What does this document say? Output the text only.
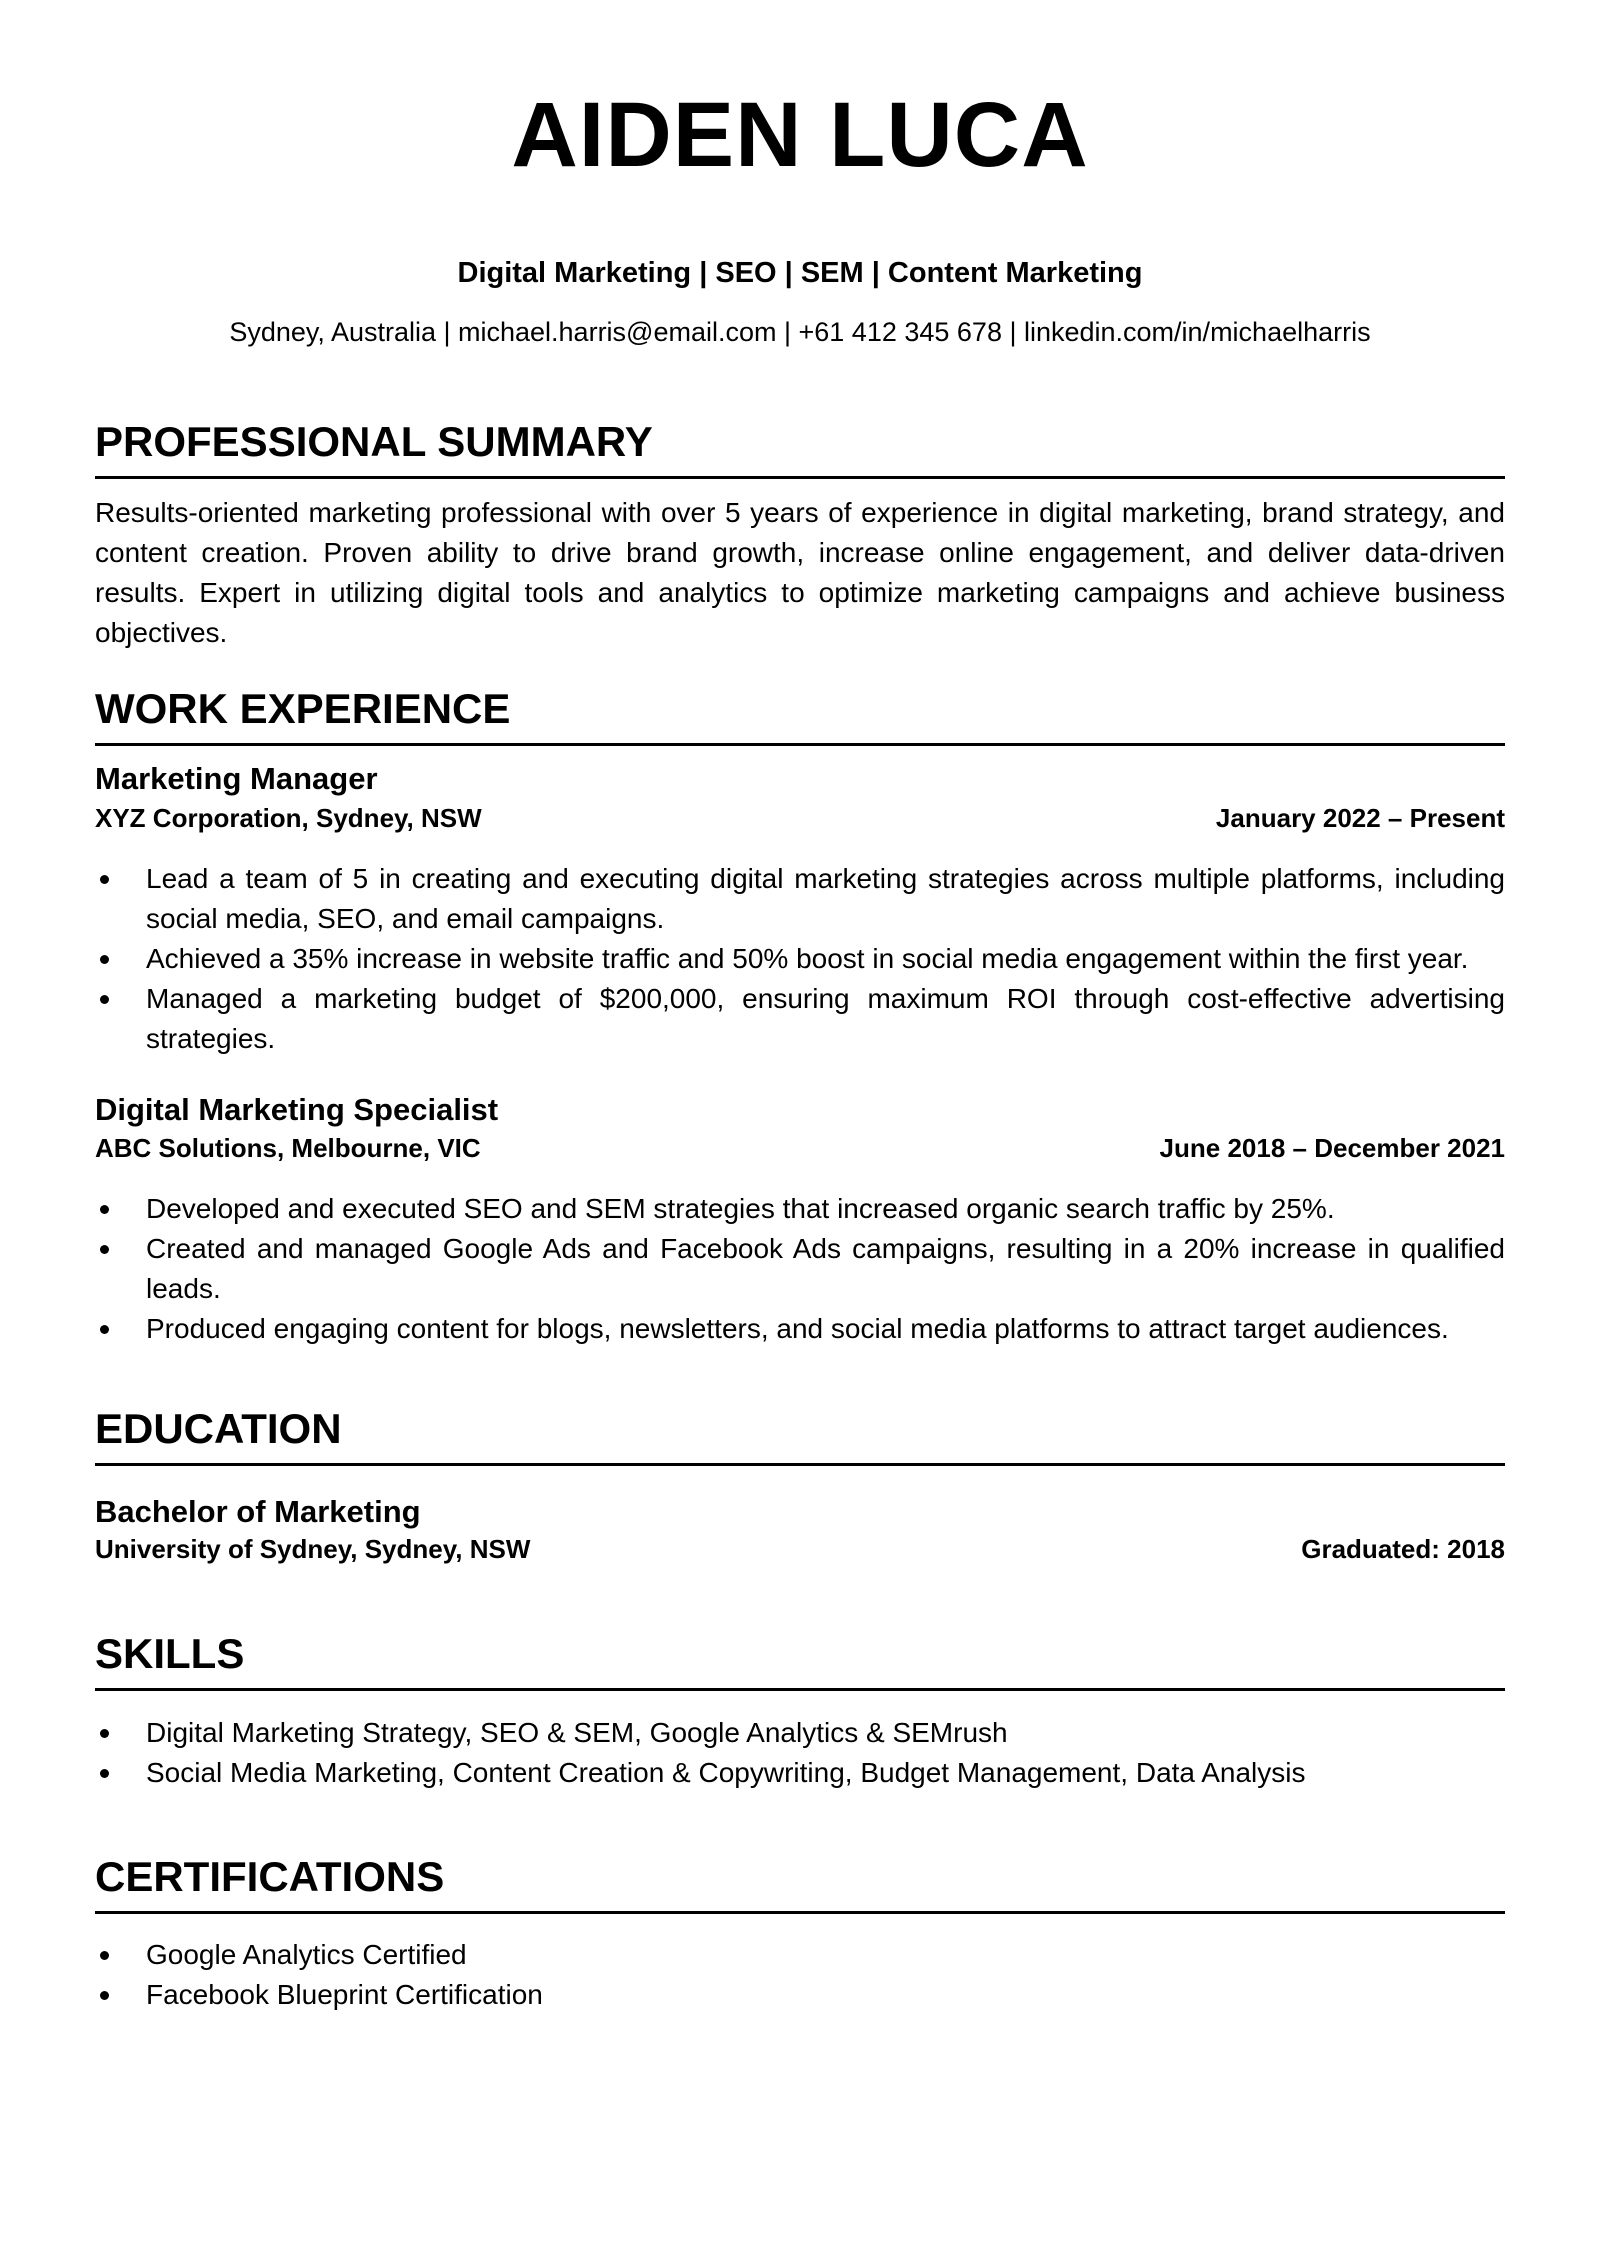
AIDEN LUCA
Digital Marketing | SEO | SEM | Content Marketing
Sydney, Australia | michael.harris@email.com | +61 412 345 678 | linkedin.com/in/michaelharris
PROFESSIONAL SUMMARY

Results-oriented marketing professional with over 5 years of experience in digital marketing, brand strategy, and content creation. Proven ability to drive brand growth, increase online engagement, and deliver data-driven results. Expert in utilizing digital tools and analytics to optimize marketing campaigns and achieve business objectives.

WORK EXPERIENCE
Marketing Manager
XYZ Corporation, Sydney, NSW	January 2022 – Present
Lead a team of 5 in creating and executing digital marketing strategies across multiple platforms, including social media, SEO, and email campaigns.
Achieved a 35% increase in website traffic and 50% boost in social media engagement within the first year.
Managed a marketing budget of $200,000, ensuring maximum ROI through cost-effective advertising strategies.
Digital Marketing Specialist
ABC Solutions, Melbourne, VIC	June 2018 – December 2021
Developed and executed SEO and SEM strategies that increased organic search traffic by 25%.
Created and managed Google Ads and Facebook Ads campaigns, resulting in a 20% increase in qualified leads.
Produced engaging content for blogs, newsletters, and social media platforms to attract target audiences.
EDUCATION
Bachelor of Marketing
University of Sydney, Sydney, NSW	Graduated: 2018
SKILLS
Digital Marketing Strategy, SEO & SEM, Google Analytics & SEMrush
Social Media Marketing, Content Creation & Copywriting, Budget Management, Data Analysis
CERTIFICATIONS
Google Analytics Certified
Facebook Blueprint Certification
